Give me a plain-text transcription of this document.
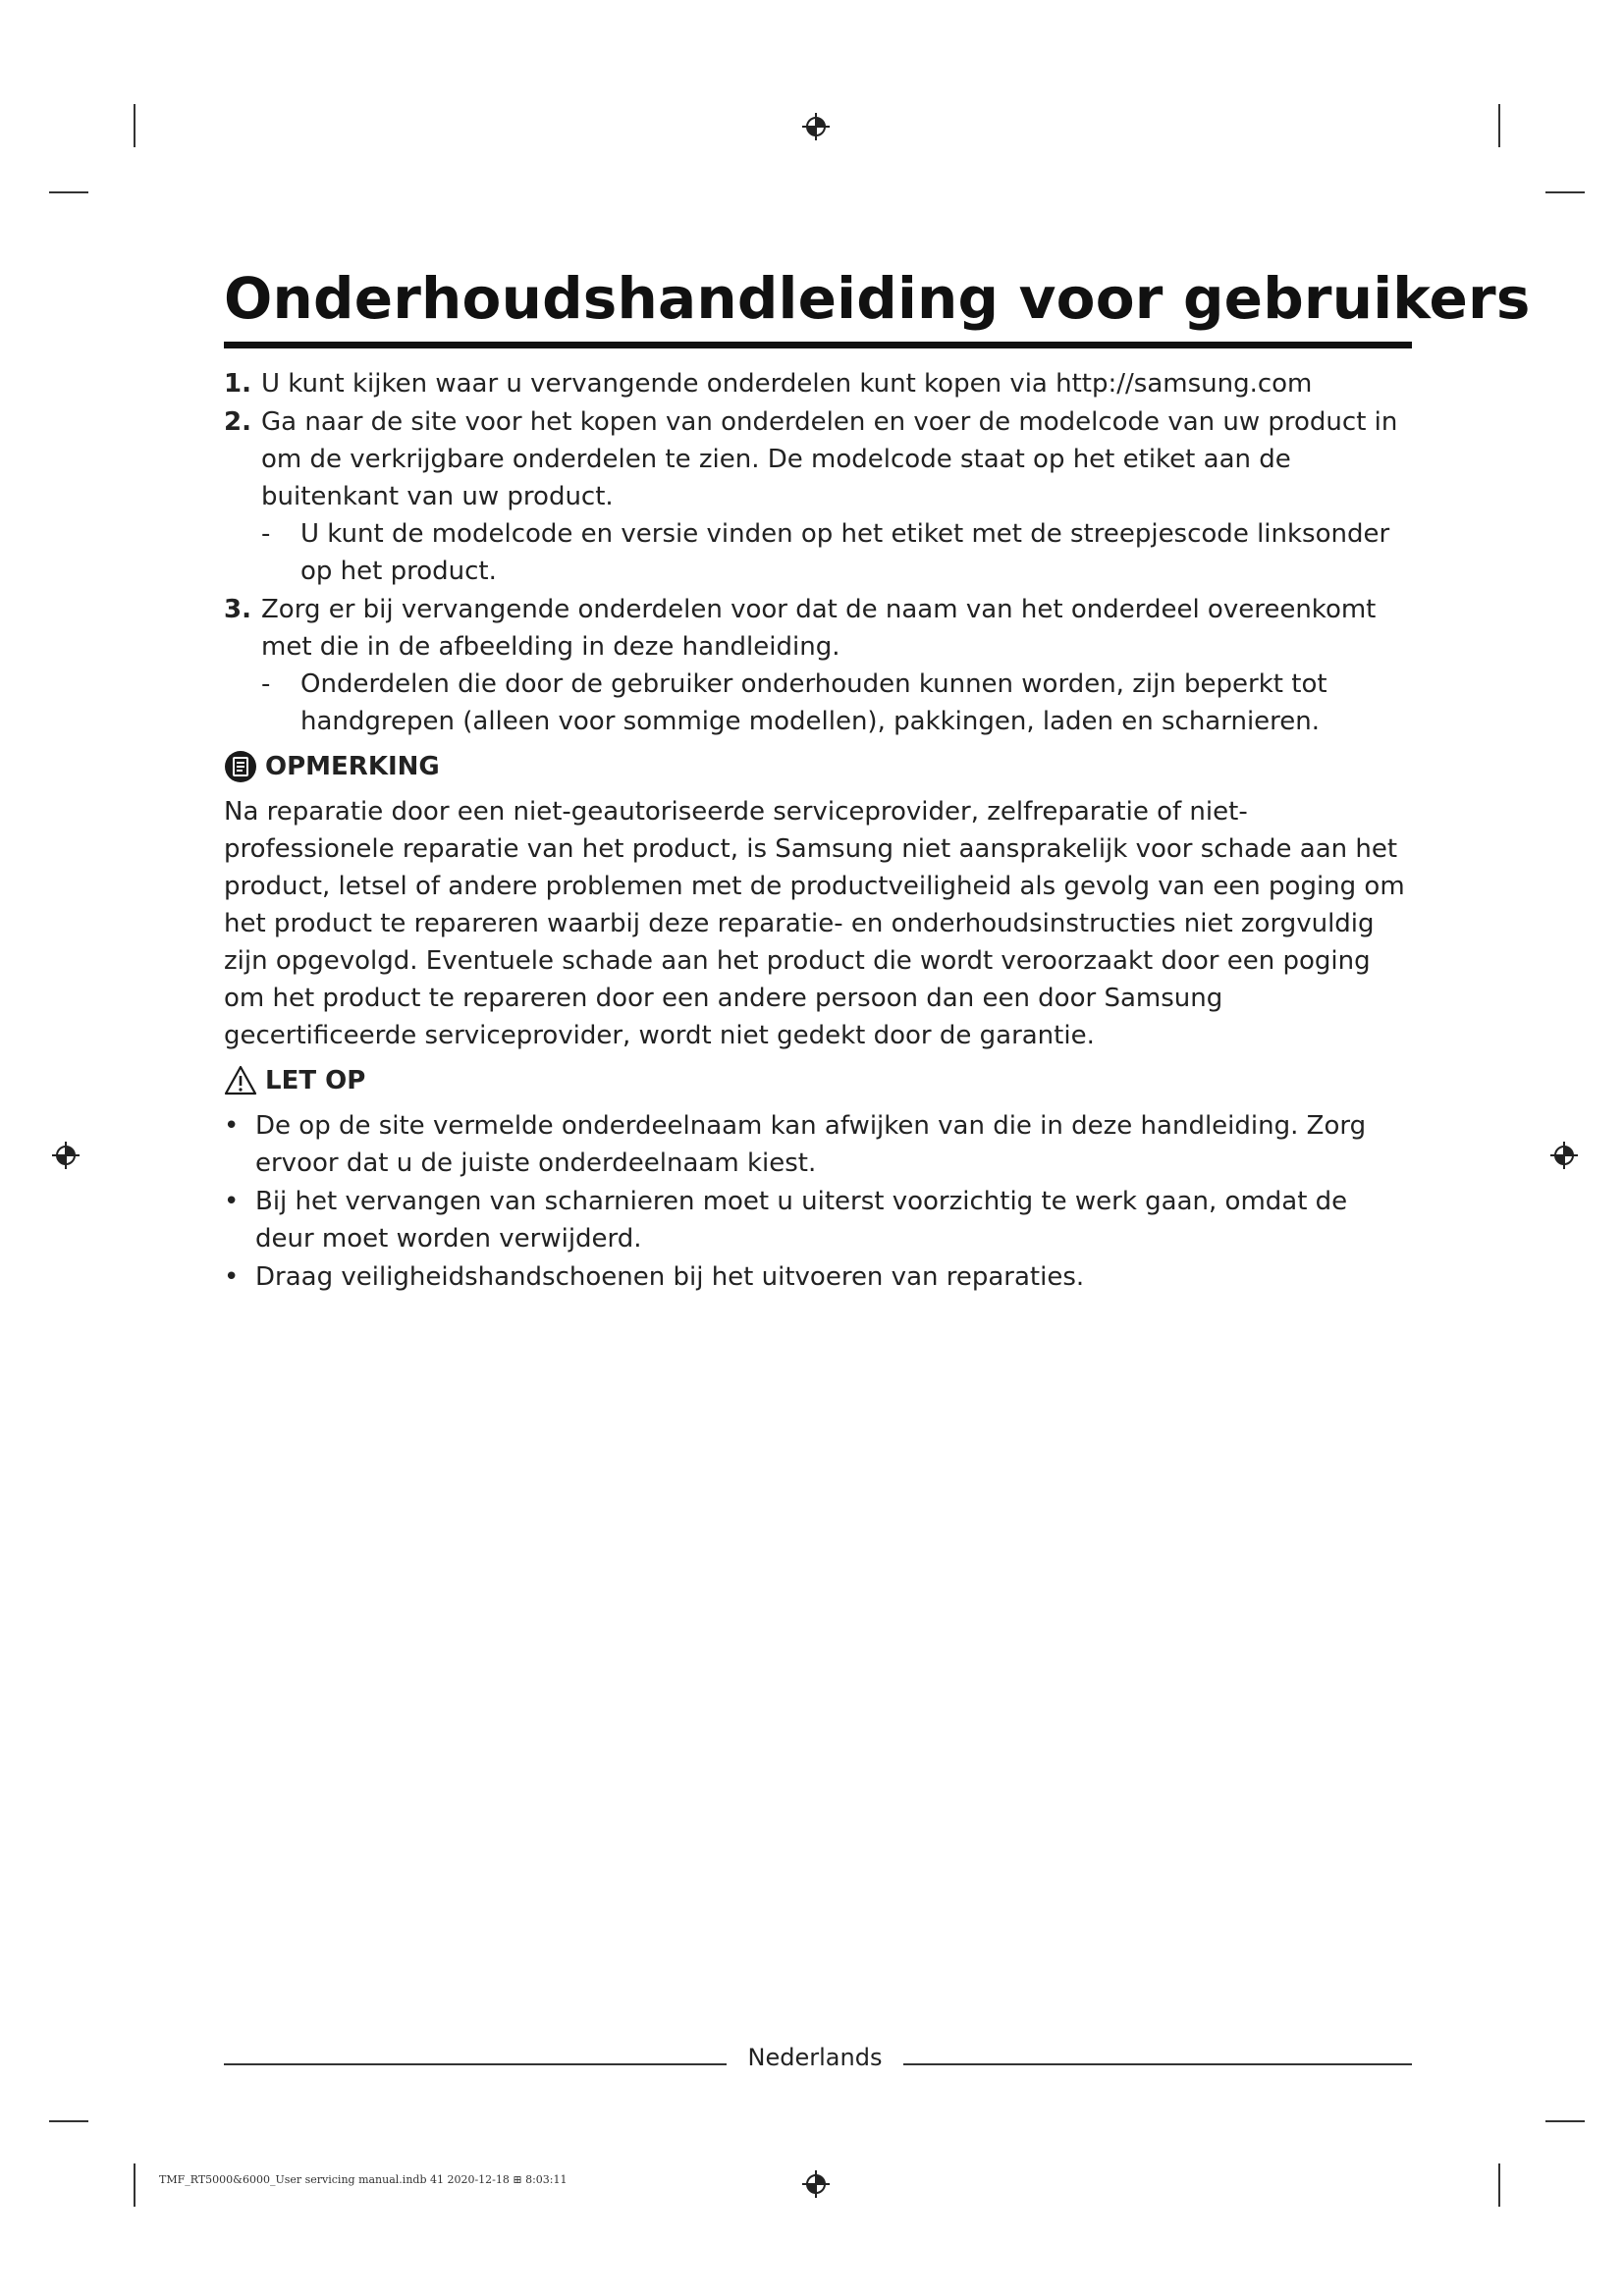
Onderhoudshandleiding voor gebruikers
1. U kunt kijken waar u vervangende onderdelen kunt kopen via http://samsung.com
2. Ga naar de site voor het kopen van onderdelen en voer de modelcode van uw product in om de verkrijgbare onderdelen te zien. De modelcode staat op het etiket aan de buitenkant van uw product.
- U kunt de modelcode en versie vinden op het etiket met de streepjescode linksonder op het product.
3. Zorg er bij vervangende onderdelen voor dat de naam van het onderdeel overeenkomt met die in de afbeelding in deze handleiding.
- Onderdelen die door de gebruiker onderhouden kunnen worden, zijn beperkt tot handgrepen (alleen voor sommige modellen), pakkingen, laden en scharnieren.
OPMERKING

Na reparatie door een niet-geautoriseerde serviceprovider, zelfreparatie of niet-professionele reparatie van het product, is Samsung niet aansprakelijk voor schade aan het product, letsel of andere problemen met de productveiligheid als gevolg van een poging om het product te repareren waarbij deze reparatie- en onderhoudsinstructies niet zorgvuldig zijn opgevolgd. Eventuele schade aan het product die wordt veroorzaakt door een poging om het product te repareren door een andere persoon dan een door Samsung gecertificeerde serviceprovider, wordt niet gedekt door de garantie.

LET OP
• De op de site vermelde onderdeelnaam kan afwijken van die in deze handleiding. Zorg ervoor dat u de juiste onderdeelnaam kiest.
• Bij het vervangen van scharnieren moet u uiterst voorzichtig te werk gaan, omdat de deur moet worden verwijderd.
• Draag veiligheidshandschoenen bij het uitvoeren van reparaties.
Nederlands
TMF_RT5000&6000_User servicing manual.indb 41 2020-12-18 ⊞ 8:03:11
